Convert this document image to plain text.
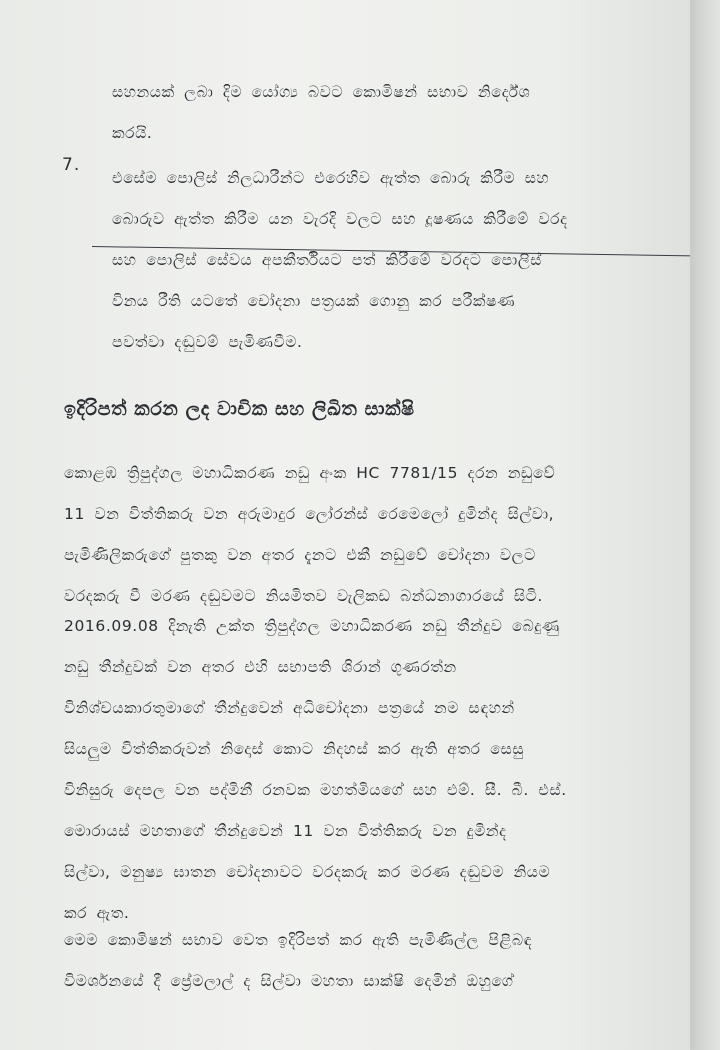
සහනයක් ලබා දිම යෝග්‍ය බවට කොමිෂන් සභාව නිර්දේශ
කරයි.
7.
එසේම පොලිස් නිලධාරීන්ට එරෙහිව ඇත්ත බොරු කිරීම සහ
බොරුව ඇත්ත කිරීම යන වැරදි වලට සහ දූෂණය කිරීමේ වරද
සහ පොලිස් සේවය අපකීර්තියට පත් කිරීමේ වරදට පොලිස්
විනය රීති යටතේ චෝදනා පත්‍රයක් ගොනු කර පරීක්ෂණ
පවත්වා දඬුවම් පැමිණවීම.
ඉදිරිපත් කරන ලද වාචික සහ ලිඛිත සාක්ෂි
කොළඹ ත්‍රිපුද්ගල මහාධිකරණ නඩු අංක HC 7781/15 දරන නඩුවේ
11 වන විත්තිකරු වන අරුමාදුර ලෝරන්ස් රෙමෙලෝ දුමින්ද සිල්වා,
පැමිණිලිකරුගේ පුතකු වන අතර දැනට එකී නඩුවේ චෝදනා වලට
වරදකරු වී මරණ දඬුවමට නියමිතව වැලිකඩ බන්ධනාගාරයේ සිටි.
2016.09.08 දිනැති උක්ත ත්‍රිපුද්ගල මහාධිකරණ නඩු තීන්දුව බෙදුණු
නඩු තීන්දුවක් වන අතර එහි සභාපති ශිරාන් ගුණරත්න
විනිශ්චයකාරතුමාගේ තීන්දුවෙන් අධිචෝදනා පත්‍රයේ නම සඳහන්
සියලුම විත්තිකරුවන් නිදොස් කොට නිදහස් කර ඇති අතර සෙසු
විනිසුරු දෙපල වන පද්මිනී රනවක මහත්මියගේ සහ එම්. සී. බී. එස්.
මොරායස් මහතාගේ තීන්දුවෙන් 11 වන විත්තිකරු වන දුමින්ද
සිල්වා, මනුෂ්‍ය ඝාතන චෝදනාවට වරදකරු කර මරණ දඬුවම නියම
කර ඇත.
මෙම කොමිෂන් සභාව වෙත ඉදිරිපත් කර ඇති පැමිණිල්ල පිළිබඳ
විමර්ශනයේ දී ප්‍රේමලාල් ද සිල්වා මහතා සාක්ෂි දෙමින් ඔහුගේ
